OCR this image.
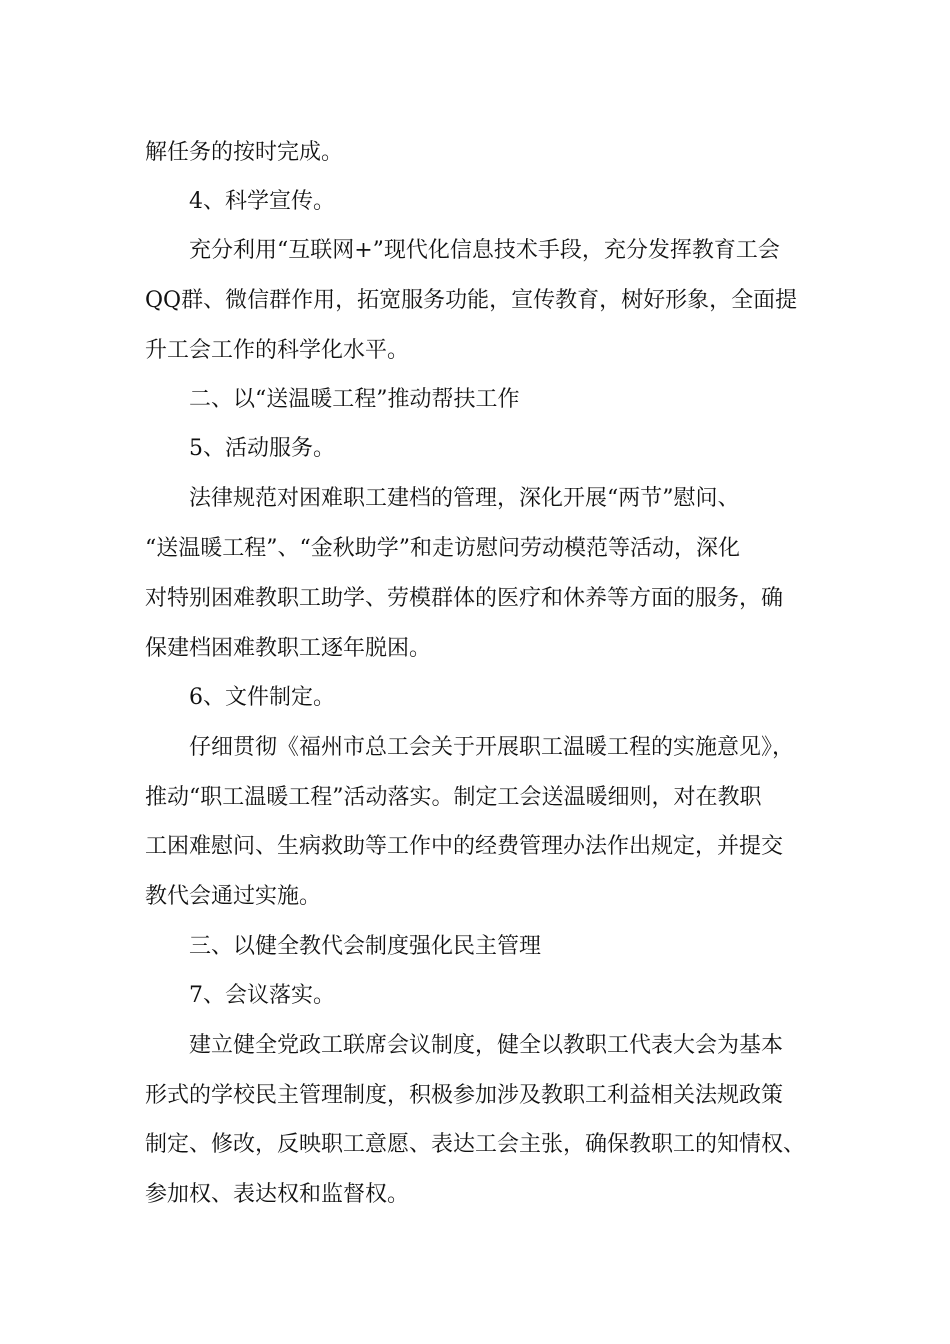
解任务的按时完成。
4、科学宣传。
充分利用“互联网+”现代化信息技术手段，充分发挥教育工会
QQ群、微信群作用，拓宽服务功能，宣传教育，树好形象，全面提
升工会工作的科学化水平。
二、以“送温暖工程”推动帮扶工作
5、活动服务。
法律规范对困难职工建档的管理，深化开展“两节”慰问、
“送温暖工程”、“金秋助学”和走访慰问劳动模范等活动，深化
对特别困难教职工助学、劳模群体的医疗和休养等方面的服务，确
保建档困难教职工逐年脱困。
6、文件制定。
仔细贯彻《福州市总工会关于开展职工温暖工程的实施意见》，
推动“职工温暖工程”活动落实。制定工会送温暖细则，对在教职
工困难慰问、生病救助等工作中的经费管理办法作出规定，并提交
教代会通过实施。
三、以健全教代会制度强化民主管理
7、会议落实。
建立健全党政工联席会议制度，健全以教职工代表大会为基本
形式的学校民主管理制度，积极参加涉及教职工利益相关法规政策
制定、修改，反映职工意愿、表达工会主张，确保教职工的知情权、
参加权、表达权和监督权。
